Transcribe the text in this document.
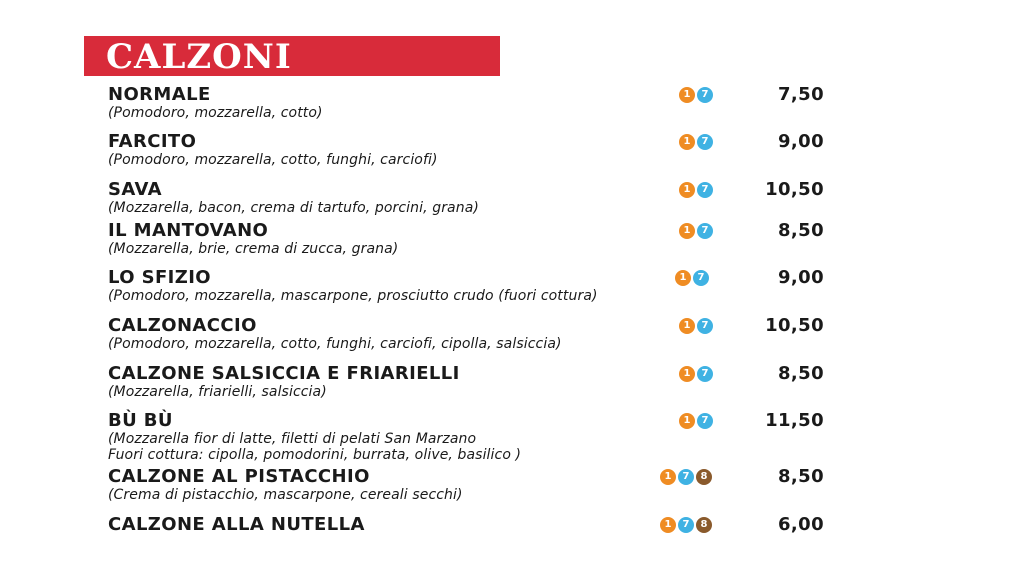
CALZONI
NORMALE
(Pomodoro, mozzarella, cotto)
1	7	7,50
FARCITO
(Pomodoro, mozzarella, cotto, funghi, carciofi)
1	7	9,00
SAVA
(Mozzarella, bacon, crema di tartufo, porcini, grana)
1	7	10,50
IL MANTOVANO
(Mozzarella, brie, crema di zucca, grana)
1	7	8,50
LO SFIZIO
(Pomodoro, mozzarella, mascarpone, prosciutto crudo (fuori cottura)
1	7	9,00
CALZONACCIO
(Pomodoro, mozzarella, cotto, funghi, carciofi, cipolla, salsiccia)
1	7	10,50
CALZONE SALSICCIA E FRIARIELLI
(Mozzarella, friarielli, salsiccia)
1	7	8,50
BÙ BÙ
(Mozzarella fior di latte, filetti di pelati San Marzano
Fuori cottura: cipolla, pomodorini, burrata, olive, basilico )
1	7	11,50
CALZONE AL PISTACCHIO
(Crema di pistacchio, mascarpone, cereali secchi)
1	7	8	8,50
CALZONE ALLA NUTELLA	1	7	8	6,00
